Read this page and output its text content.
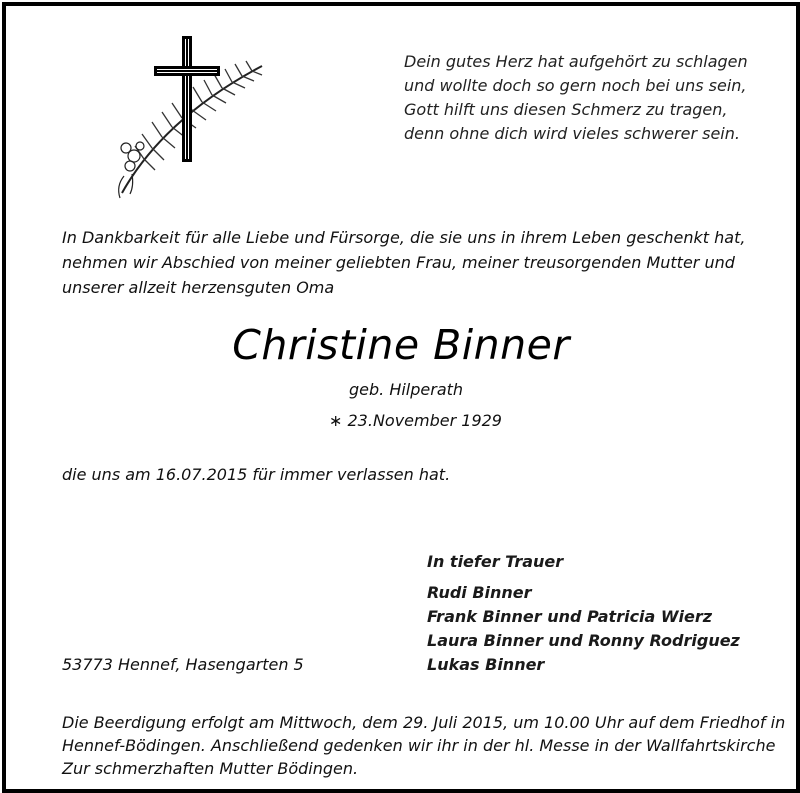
Dein gutes Herz hat aufgehört zu schlagen
und wollte doch so gern noch bei uns sein,
Gott hilft uns diesen Schmerz zu tragen,
denn ohne dich wird vieles schwerer sein.
In Dankbarkeit für alle Liebe und Fürsorge, die sie uns in ihrem Leben geschenkt hat,
nehmen wir Abschied von meiner geliebten Frau, meiner treusorgenden Mutter und
unserer allzeit herzensguten Oma
Christine Binner
geb. Hilperath
∗ 23.November 1929
die uns am 16.07.2015 für immer verlassen hat.
In tiefer Trauer
Rudi Binner
Frank Binner und Patricia Wierz
Laura Binner und Ronny Rodriguez
Lukas Binner
53773 Hennef, Hasengarten 5
Die Beerdigung erfolgt am Mittwoch, dem 29. Juli 2015, um 10.00 Uhr auf dem Friedhof in
Hennef-Bödingen. Anschließend gedenken wir ihr in der hl. Messe in der Wallfahrtskirche
Zur schmerzhaften Mutter Bödingen.
